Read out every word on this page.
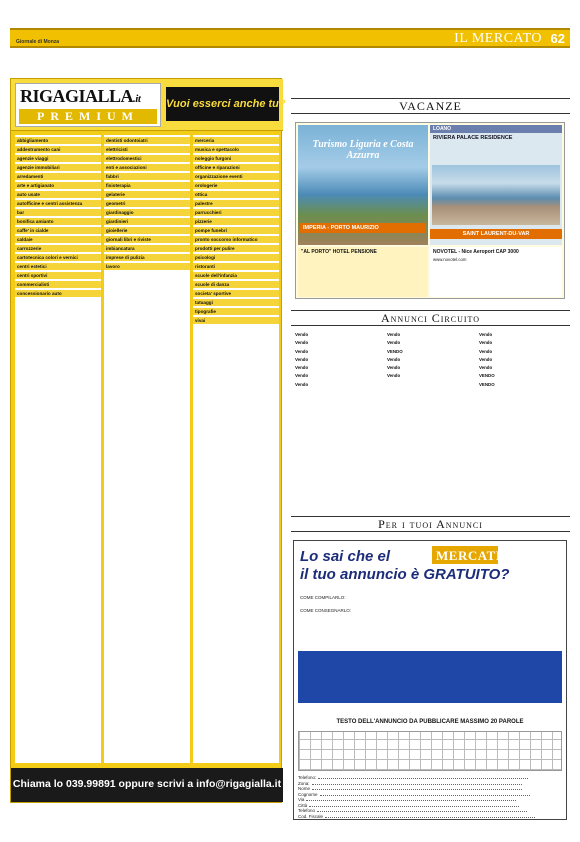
Giornale di Monza	IL MERCATO 62
RIGAGIALLA.it
PREMIUM
Vuoi esserci anche tu?
abbigliamento
addestramento cani
agenzie viaggi
agenzie immobiliari
arredamenti
arte e artigianato
auto usate
autofficine e centri assistenza
bar
bonifica amianto
caffe' in cialde
caldaie
carrozzerie
cartotecnica colori e vernici
centri estetici
centri sportivi
commercialisti
concessionario auto
dentisti odontoiatri
elettricisti
elettrodomestici
enti e associazioni
fabbri
fisioterapia
gelaterie
geometri
giardinaggio
giardinieri
gioiellerie
giornali libri e riviste
imbiancatura
imprese di pulizia
lavoro
merceria
musica e spettacolo
noleggio furgoni
officine e riparazioni
organizzazione eventi
orologerie
ottica
palestre
parrucchieri
pizzerie
pompe funebri
pronto soccorso informatico
prodotti per pulire
psicologi
ristoranti
scuole dell'infanzia
scuole di danza
societa' sportive
tatuaggi
tipografie
vivai
Chiama lo 039.99891 oppure scrivi a info@rigagialla.it
VACANZE
Turismo Liguria e Costa Azzurra
IMPERIA - PORTO MAURIZIO
LOANO
RIVIERA PALACE RESIDENCE
SAINT LAURENT-DU-VAR
"AL PORTO" HOTEL PENSIONE	NOVOTEL - Nice Aeroport CAP 3000
www.novotel.com
Annunci Circuito
Vendo
Vendo
Vendo
Vendo
Vendo
Vendo
Vendo
Vendo
Vendo
VENDO
Vendo
Vendo
Vendo
Vendo
Vendo
Vendo
Vendo
Vendo
VENDO
VENDO
Per i tuoi Annunci
Lo sai che el	MERCATINO
il tuo annuncio è GRATUITO?
COME COMPILARLO:
COME CONSEGNARLO:
TESTO DELL'ANNUNCIO DA PUBBLICARE MASSIMO 20 PAROLE
Telefono:
Zona:
Nome
Cognome
Via
Città
Telefono
Cod. Fiscale
